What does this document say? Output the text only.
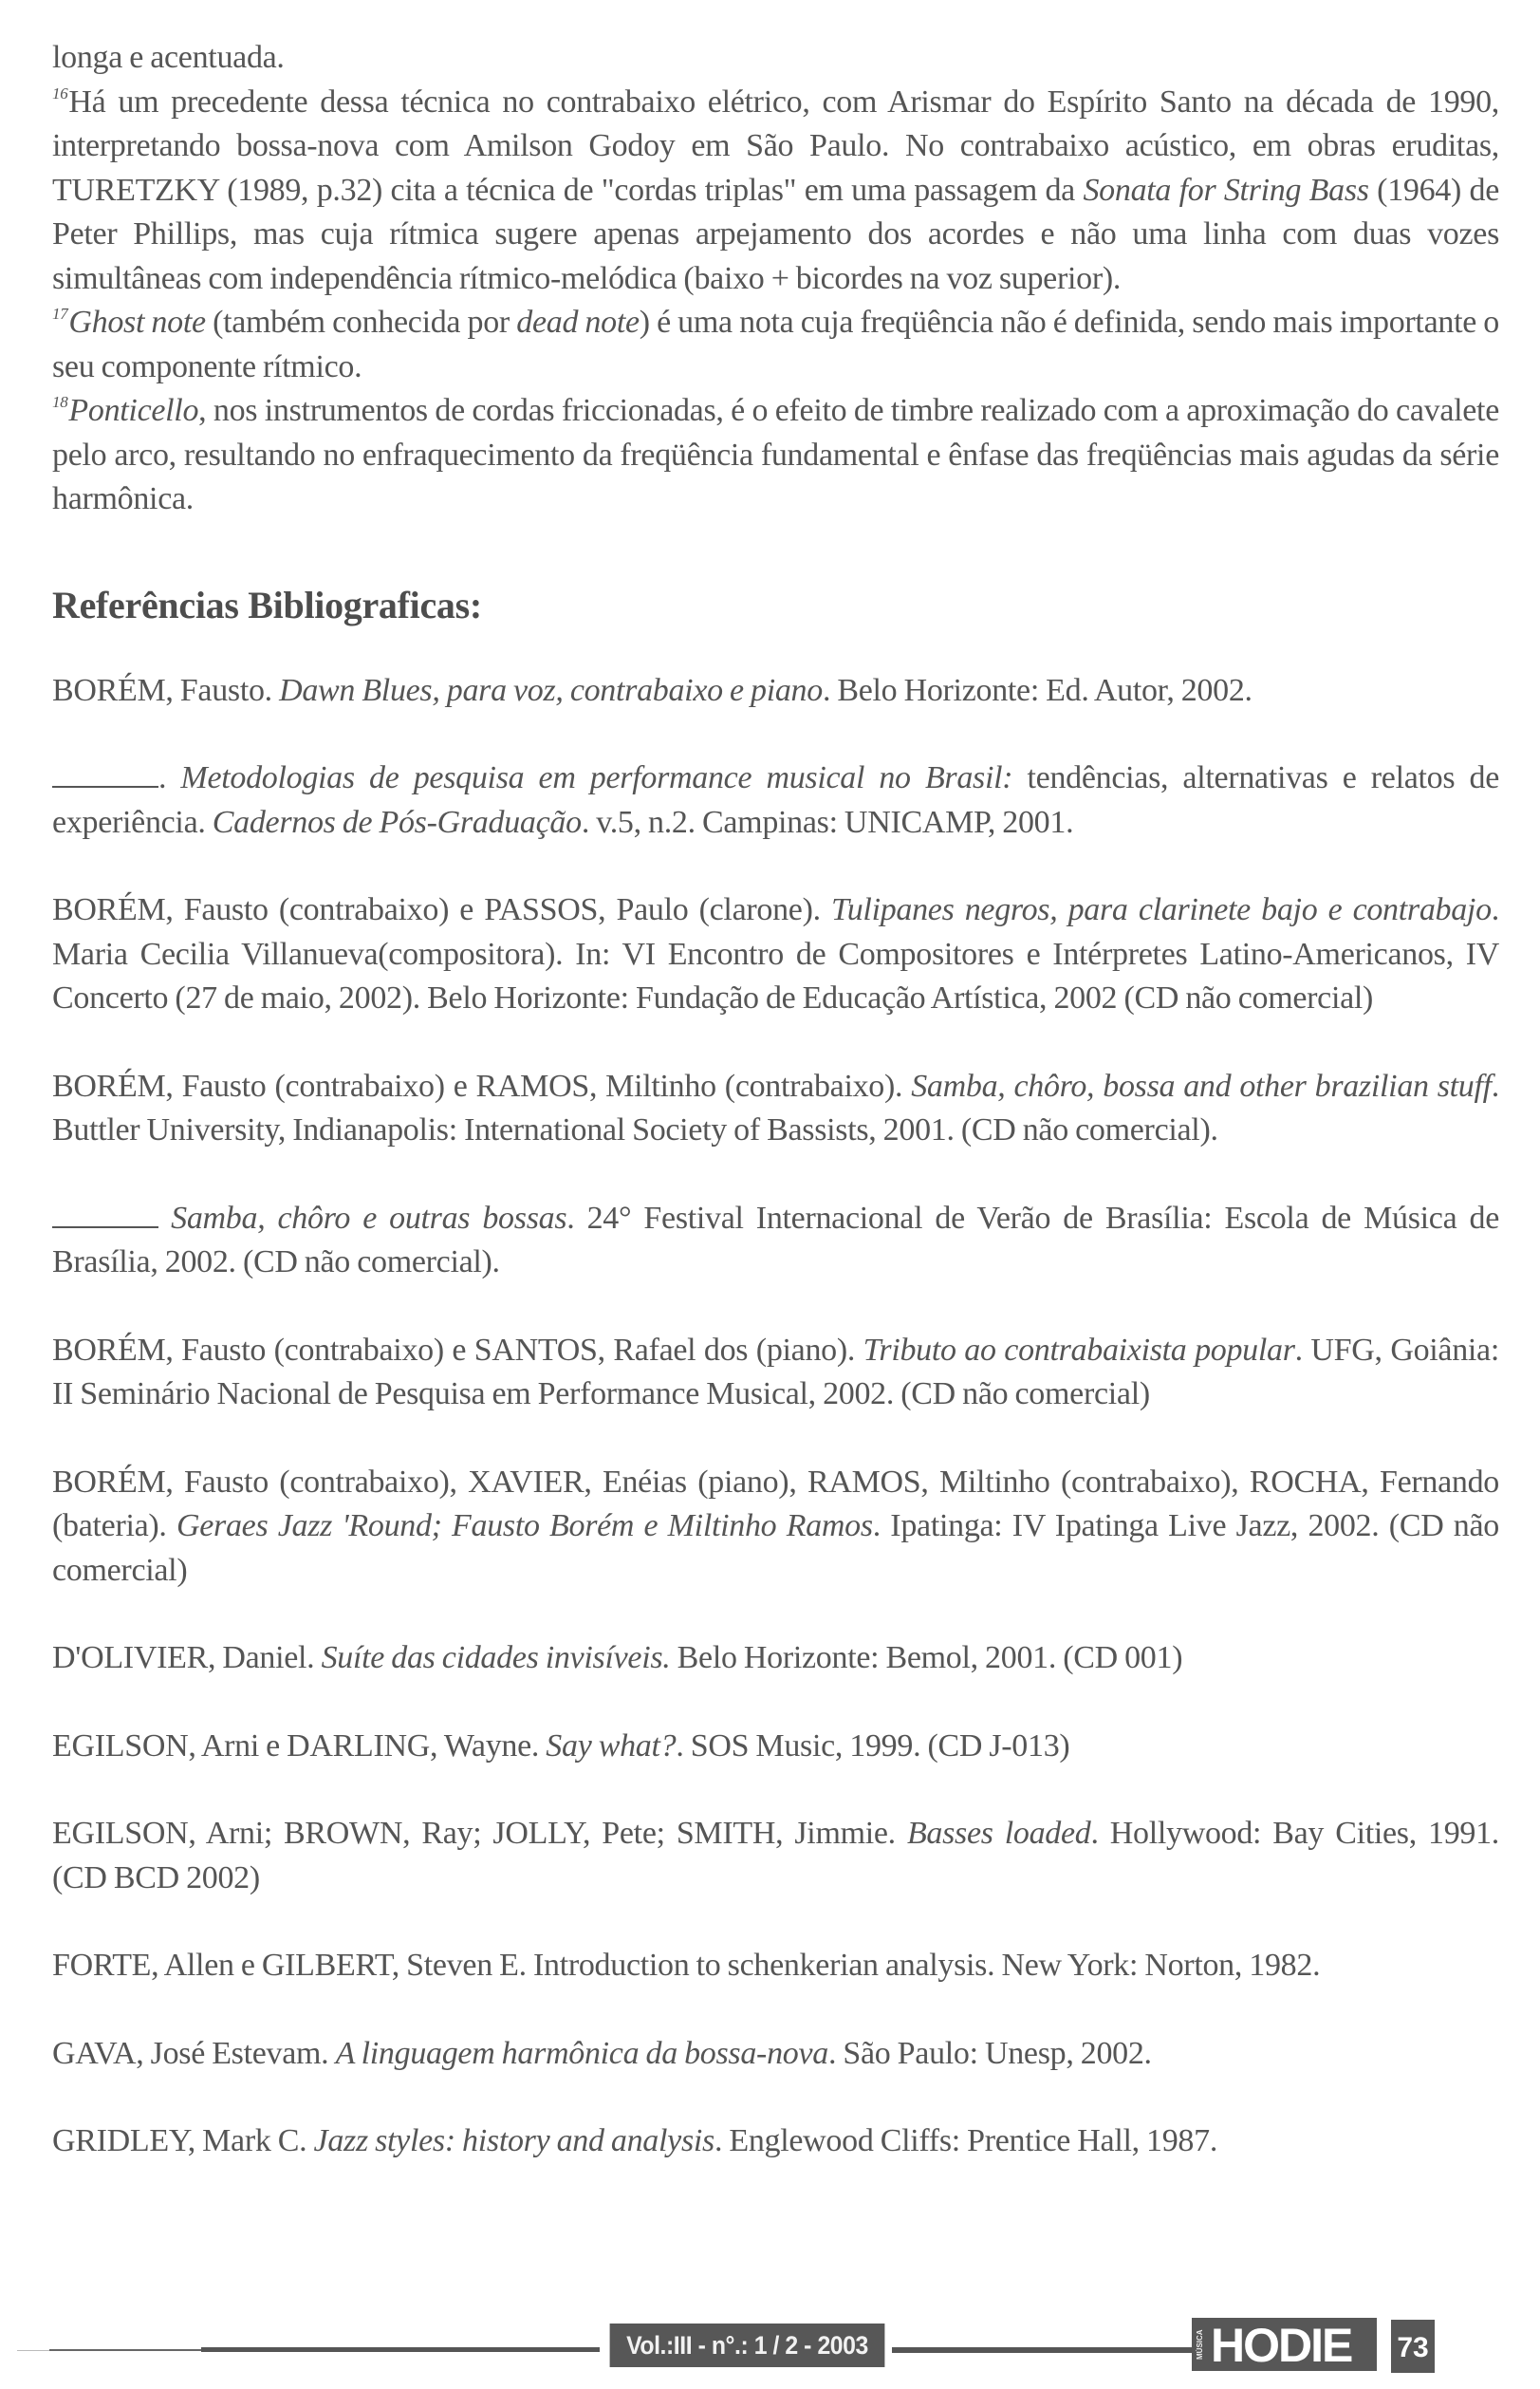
longa e acentuada.

$^{16}$Há um precedente dessa técnica no contrabaixo elétrico, com Arismar do Espírito Santo na década de 1990, interpretando bossa-nova com Amilson Godoy em São Paulo. No contrabaixo acústico, em obras eruditas, TURETZKY (1989, p.32) cita a técnica de "cordas triplas" em uma passagem da Sonata for String Bass (1964) de Peter Phillips, mas cuja rítmica sugere apenas arpejamento dos acordes e não uma linha com duas vozes simultâneas com independência rítmico-melódica (baixo + bicordes na voz superior).

$^{17}$Ghost note (também conhecida por dead note) é uma nota cuja freqüência não é definida, sendo mais importante o seu componente rítmico.

$^{18}$Ponticello, nos instrumentos de cordas friccionadas, é o efeito de timbre realizado com a aproximação do cavalete pelo arco, resultando no enfraquecimento da freqüência fundamental e ênfase das freqüências mais agudas da série harmônica.

Referências Bibliograficas:

BORÉM, Fausto. Dawn Blues, para voz, contrabaixo e piano. Belo Horizonte: Ed. Autor, 2002.

. Metodologias de pesquisa em performance musical no Brasil: tendências, alternativas e relatos de experiência. Cadernos de Pós-Graduação. v.5, n.2. Campinas: UNICAMP, 2001.

BORÉM, Fausto (contrabaixo) e PASSOS, Paulo (clarone). Tulipanes negros, para clarinete bajo e contrabajo. Maria Cecilia Villanueva(compositora). In: VI Encontro de Compositores e Intérpretes Latino-Americanos, IV Concerto (27 de maio, 2002). Belo Horizonte: Fundação de Educação Artística, 2002 (CD não comercial)

BORÉM, Fausto (contrabaixo) e RAMOS, Miltinho (contrabaixo). Samba, chôro, bossa and other brazilian stuff. Buttler University, Indianapolis: International Society of Bassists, 2001. (CD não comercial).

Samba, chôro e outras bossas. 24° Festival Internacional de Verão de Brasília: Escola de Música de Brasília, 2002. (CD não comercial).

BORÉM, Fausto (contrabaixo) e SANTOS, Rafael dos (piano). Tributo ao contrabaixista popular. UFG, Goiânia: II Seminário Nacional de Pesquisa em Performance Musical, 2002. (CD não comercial)

BORÉM, Fausto (contrabaixo), XAVIER, Enéias (piano), RAMOS, Miltinho (contrabaixo), ROCHA, Fernando (bateria). Geraes Jazz 'Round; Fausto Borém e Miltinho Ramos. Ipatinga: IV Ipatinga Live Jazz, 2002. (CD não comercial)

D'OLIVIER, Daniel. Suíte das cidades invisíveis. Belo Horizonte: Bemol, 2001. (CD 001)

EGILSON, Arni e DARLING, Wayne. Say what?. SOS Music, 1999. (CD J-013)

EGILSON, Arni; BROWN, Ray; JOLLY, Pete; SMITH, Jimmie. Basses loaded. Hollywood: Bay Cities, 1991. (CD BCD 2002)

FORTE, Allen e GILBERT, Steven E. Introduction to schenkerian analysis. New York: Norton, 1982.

GAVA, José Estevam. A linguagem harmônica da bossa-nova. São Paulo: Unesp, 2002.

GRIDLEY, Mark C. Jazz styles: history and analysis. Englewood Cliffs: Prentice Hall, 1987.

Vol.:III - n°.: 1 / 2 - 2003	MÚSICA HODIE	73
